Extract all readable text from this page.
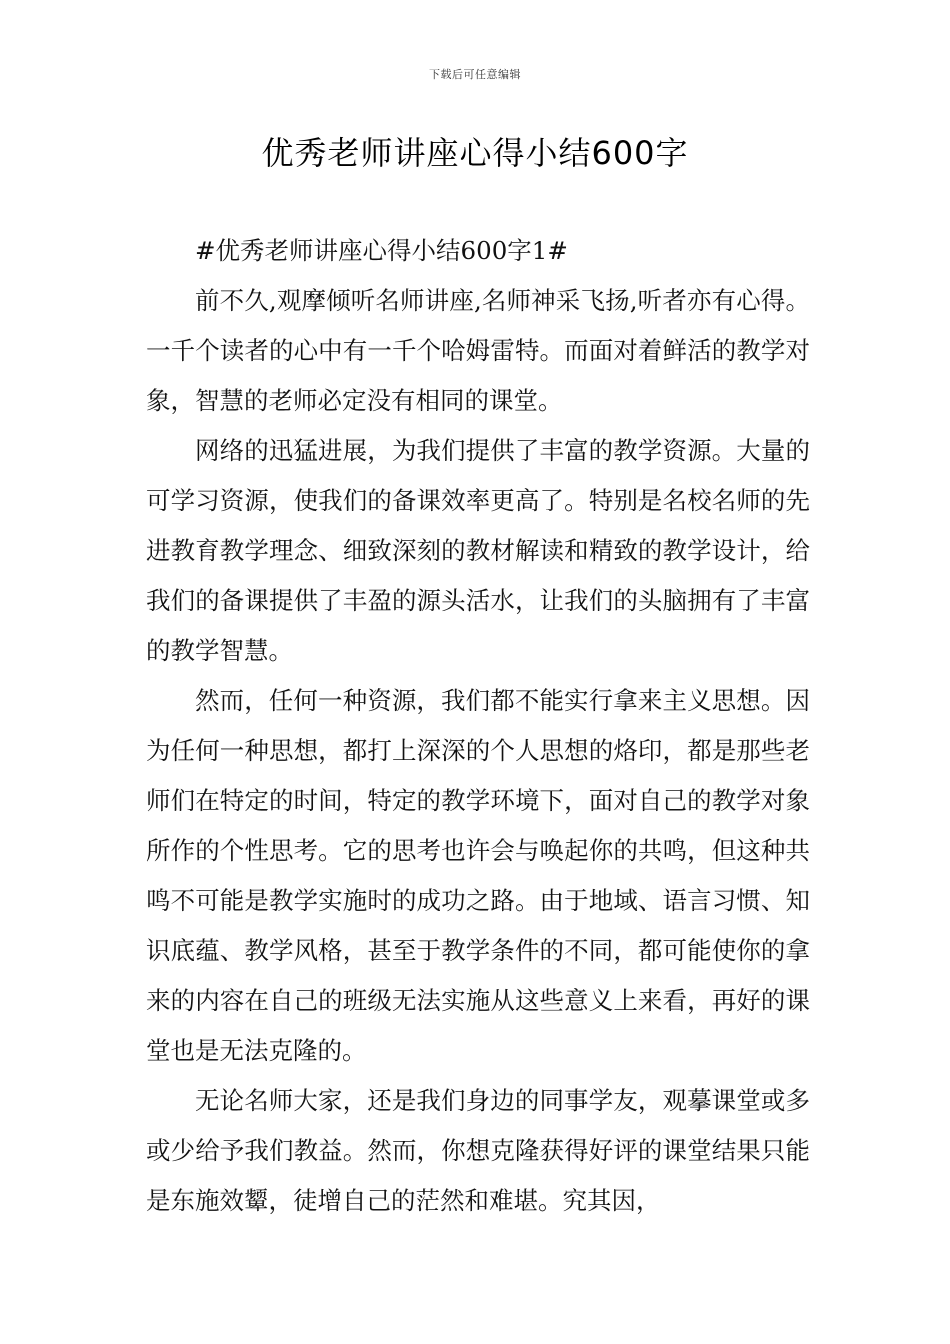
下载后可任意编辑
优秀老师讲座心得小结600字

#优秀老师讲座心得小结600字1#

前不久,观摩倾听名师讲座,名师神采飞扬,听者亦有心得。一千个读者的心中有一千个哈姆雷特。而面对着鲜活的教学对象，智慧的老师必定没有相同的课堂。

网络的迅猛进展，为我们提供了丰富的教学资源。大量的可学习资源，使我们的备课效率更高了。特别是名校名师的先进教育教学理念、细致深刻的教材解读和精致的教学设计，给我们的备课提供了丰盈的源头活水，让我们的头脑拥有了丰富的教学智慧。

然而，任何一种资源，我们都不能实行拿来主义思想。因为任何一种思想，都打上深深的个人思想的烙印，都是那些老师们在特定的时间，特定的教学环境下，面对自己的教学对象所作的个性思考。它的思考也许会与唤起你的共鸣，但这种共鸣不可能是教学实施时的成功之路。由于地域、语言习惯、知识底蕴、教学风格，甚至于教学条件的不同，都可能使你的拿来的内容在自己的班级无法实施从这些意义上来看，再好的课堂也是无法克隆的。

无论名师大家，还是我们身边的同事学友，观摹课堂或多或少给予我们教益。然而，你想克隆获得好评的课堂结果只能是东施效颦，徒增自己的茫然和难堪。究其因，
